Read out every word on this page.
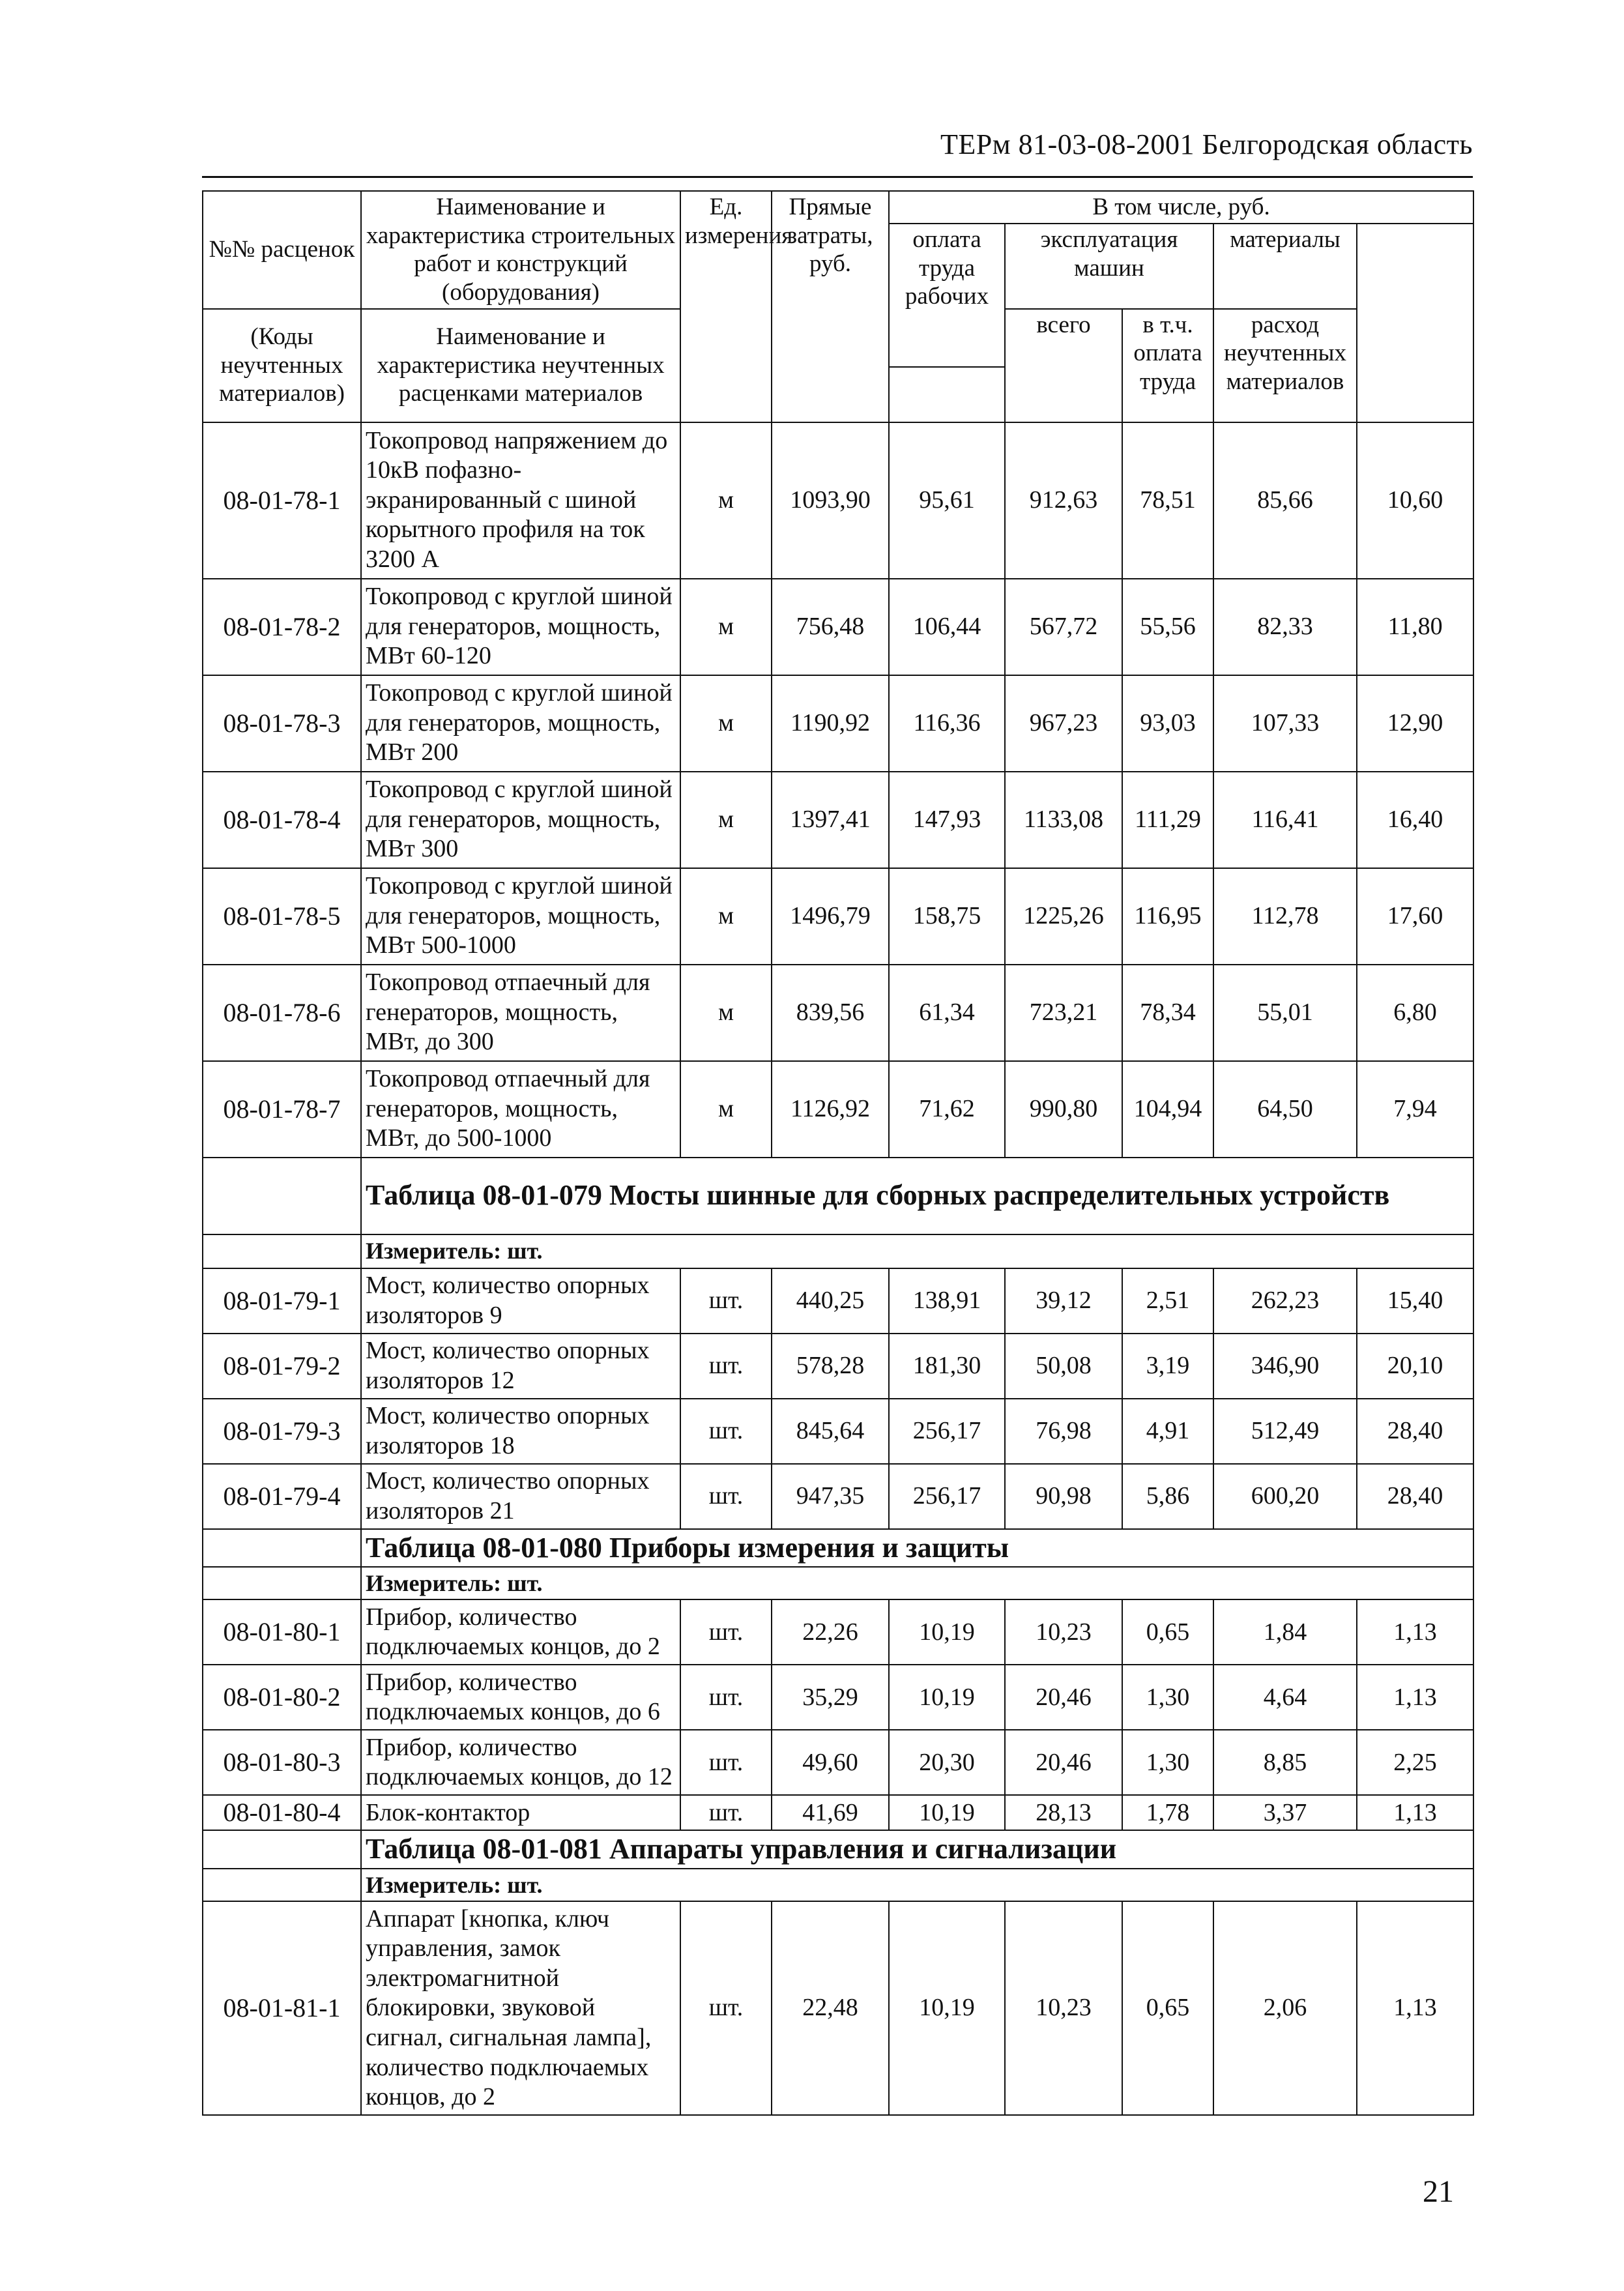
ТЕРм 81-03-08-2001 Белгородская область
№№ расценок	Наименование и характеристика строительных работ и конструкций (оборудования)	Ед. измерения	Прямые затраты, руб.	В том числе, руб.	
				оплата труда рабочих	эксплуатация машин		материалы		
(Коды неучтенных материалов)	Наименование и характеристика неучтенных расценками материалов				всего	в т.ч. оплата труда	расход неучтенных материалов		

08-01-78-1	Токопровод напряжением до 10кВ пофазно-экранированный с шиной корытного профиля на ток 3200 А	м	1093,90	95,61	912,63	78,51	85,66	10,60	
08-01-78-2	Токопровод с круглой шиной для генераторов, мощность, МВт 60-120	м	756,48	106,44	567,72	55,56	82,33	11,80	
08-01-78-3	Токопровод с круглой шиной для генераторов, мощность, МВт 200	м	1190,92	116,36	967,23	93,03	107,33	12,90	
08-01-78-4	Токопровод с круглой шиной для генераторов, мощность, МВт 300	м	1397,41	147,93	1133,08	111,29	116,41	16,40	
08-01-78-5	Токопровод с круглой шиной для генераторов, мощность, МВт 500-1000	м	1496,79	158,75	1225,26	116,95	112,78	17,60	
08-01-78-6	Токопровод отпаечный для генераторов, мощность, МВт, до 300	м	839,56	61,34	723,21	78,34	55,01	6,80	
08-01-78-7	Токопровод отпаечный для генераторов, мощность, МВт, до 500-1000	м	1126,92	71,62	990,80	104,94	64,50	7,94	
	Таблица 08-01-079 Мосты шинные для сборных распределительных устройств								
	Измеритель: шт.								
08-01-79-1	Мост, количество опорных изоляторов 9	шт.	440,25	138,91	39,12	2,51	262,23	15,40	
08-01-79-2	Мост, количество опорных изоляторов 12	шт.	578,28	181,30	50,08	3,19	346,90	20,10	
08-01-79-3	Мост, количество опорных изоляторов 18	шт.	845,64	256,17	76,98	4,91	512,49	28,40	
08-01-79-4	Мост, количество опорных изоляторов 21	шт.	947,35	256,17	90,98	5,86	600,20	28,40	
	Таблица 08-01-080 Приборы измерения и защиты								
	Измеритель: шт.								
08-01-80-1	Прибор, количество подключаемых концов, до 2	шт.	22,26	10,19	10,23	0,65	1,84	1,13	
08-01-80-2	Прибор, количество подключаемых концов, до 6	шт.	35,29	10,19	20,46	1,30	4,64	1,13	
08-01-80-3	Прибор, количество подключаемых концов, до 12	шт.	49,60	20,30	20,46	1,30	8,85	2,25	
08-01-80-4	Блок-контактор	шт.	41,69	10,19	28,13	1,78	3,37	1,13	
	Таблица 08-01-081 Аппараты управления и сигнализации								
	Измеритель: шт.								
08-01-81-1	Аппарат [кнопка, ключ управления, замок электромагнитной блокировки, звуковой сигнал, сигнальная лампа], количество подключаемых концов, до 2	шт.	22,48	10,19	10,23	0,65	2,06	1,13	
21
